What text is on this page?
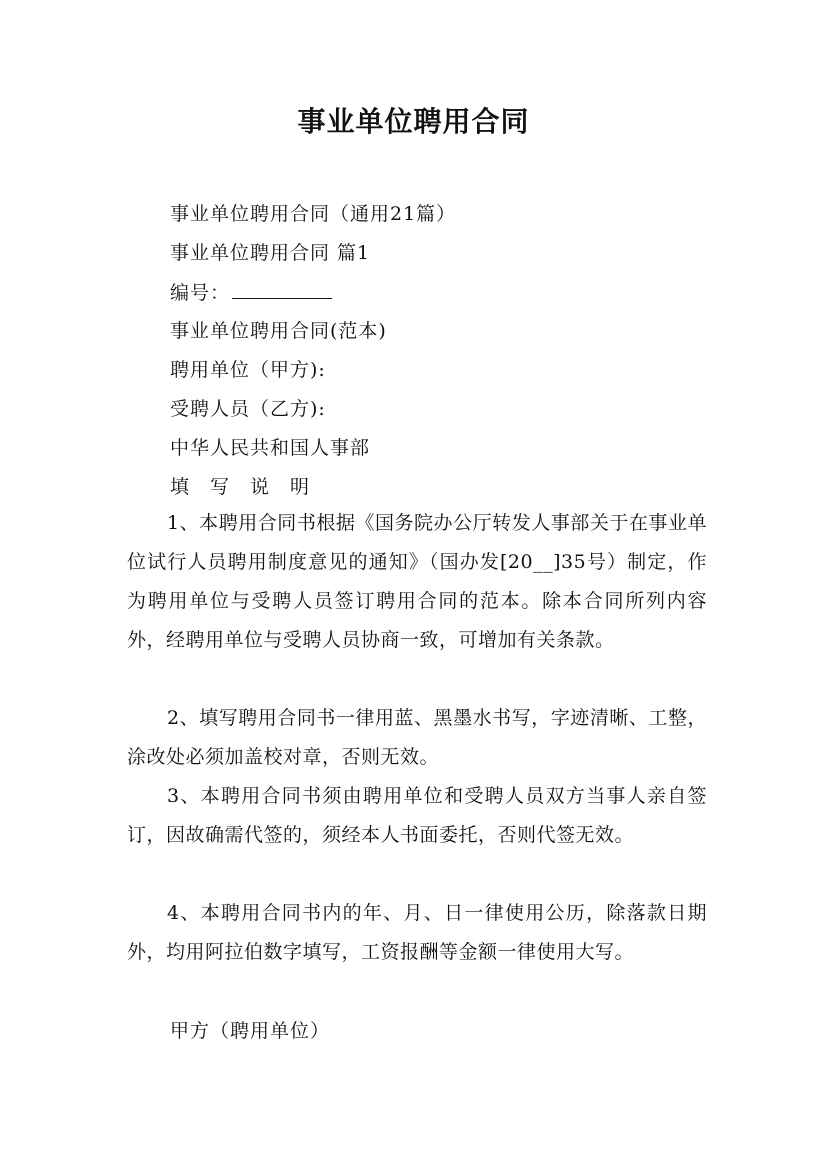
事业单位聘用合同
事业单位聘用合同（通用21篇）
事业单位聘用合同 篇1
编号：
事业单位聘用合同(范本)
聘用单位（甲方):
受聘人员（乙方):
中华人民共和国人事部
填　写　说　明
1、本聘用合同书根据《国务院办公厅转发人事部关于在事业单位试行人员聘用制度意见的通知》（国办发[20__]35号）制定，作为聘用单位与受聘人员签订聘用合同的范本。除本合同所列内容外，经聘用单位与受聘人员协商一致，可增加有关条款。
2、填写聘用合同书一律用蓝、黑墨水书写，字迹清晰、工整，涂改处必须加盖校对章，否则无效。
3、本聘用合同书须由聘用单位和受聘人员双方当事人亲自签订，因故确需代签的，须经本人书面委托，否则代签无效。
4、本聘用合同书内的年、月、日一律使用公历，除落款日期外，均用阿拉伯数字填写，工资报酬等金额一律使用大写。
甲方（聘用单位）
